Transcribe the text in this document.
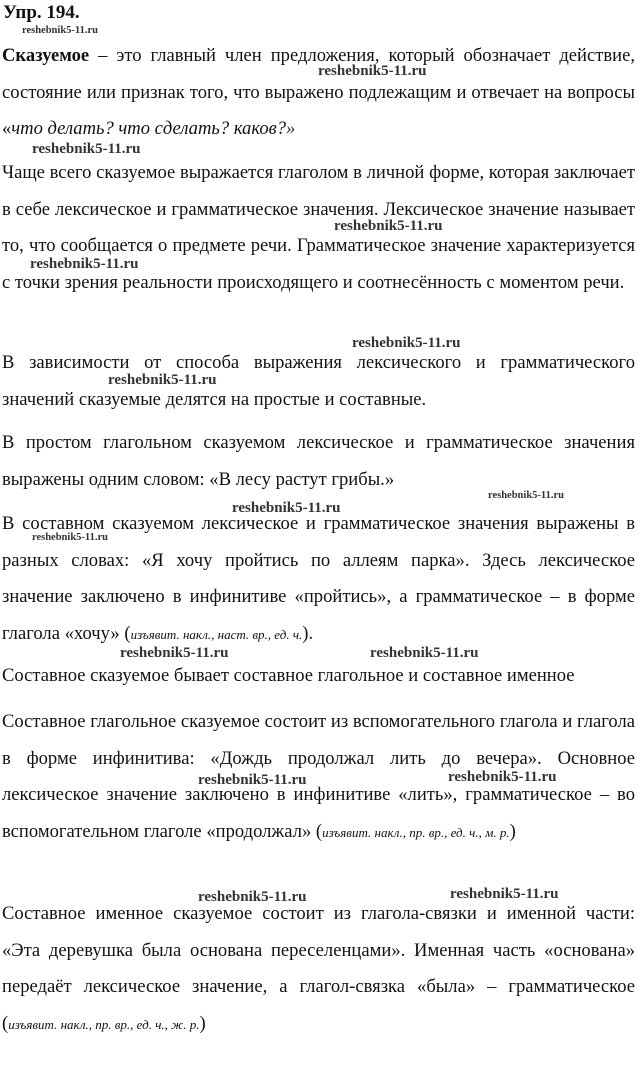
Упр. 194.
Сказуемое – это главный член предложения, который обозначает действие, состояние или признак того, что выражено подлежащим и отвечает на вопросы «что делать? что сделать? каков?»
Чаще всего сказуемое выражается глаголом в личной форме, которая заключает в себе лексическое и грамматическое значения. Лексическое значение называет то, что сообщается о предмете речи. Грамматическое значение характеризуется с точки зрения реальности происходящего и соотнесённость с моментом речи.
В зависимости от способа выражения лексического и грамматического значений сказуемые делятся на простые и составные.
В простом глагольном сказуемом лексическое и грамматическое значения выражены одним словом: «В лесу растут грибы.»
В составном сказуемом лексическое и грамматическое значения выражены в разных словах: «Я хочу пройтись по аллеям парка». Здесь лексическое значение заключено в инфинитиве «пройтись», а грамматическое – в форме глагола «хочу» (изъявит. накл., наст. вр., ед. ч.).
Составное сказуемое бывает составное глагольное и составное именное
Составное глагольное сказуемое состоит из вспомогательного глагола и глагола в форме инфинитива: «Дождь продолжал лить до вечера». Основное лексическое значение заключено в инфинитиве «лить», грамматическое – во вспомогательном глаголе «продолжал» (изъявит. накл., пр. вр., ед. ч., м. р.)
Составное именное сказуемое состоит из глагола-связки и именной части: «Эта деревушка была основана переселенцами». Именная часть «основана» передаёт лексическое значение, а глагол-связка «была» – грамматическое (изъявит. накл., пр. вр., ед. ч., ж. р.)
reshebnik5-11.ru
reshebnik5-11.ru
reshebnik5-11.ru
reshebnik5-11.ru
reshebnik5-11.ru
reshebnik5-11.ru
reshebnik5-11.ru
reshebnik5-11.ru
reshebnik5-11.ru
reshebnik5-11.ru
reshebnik5-11.ru	reshebnik5-11.ru
reshebnik5-11.ru	reshebnik5-11.ru
reshebnik5-11.ru	reshebnik5-11.ru
